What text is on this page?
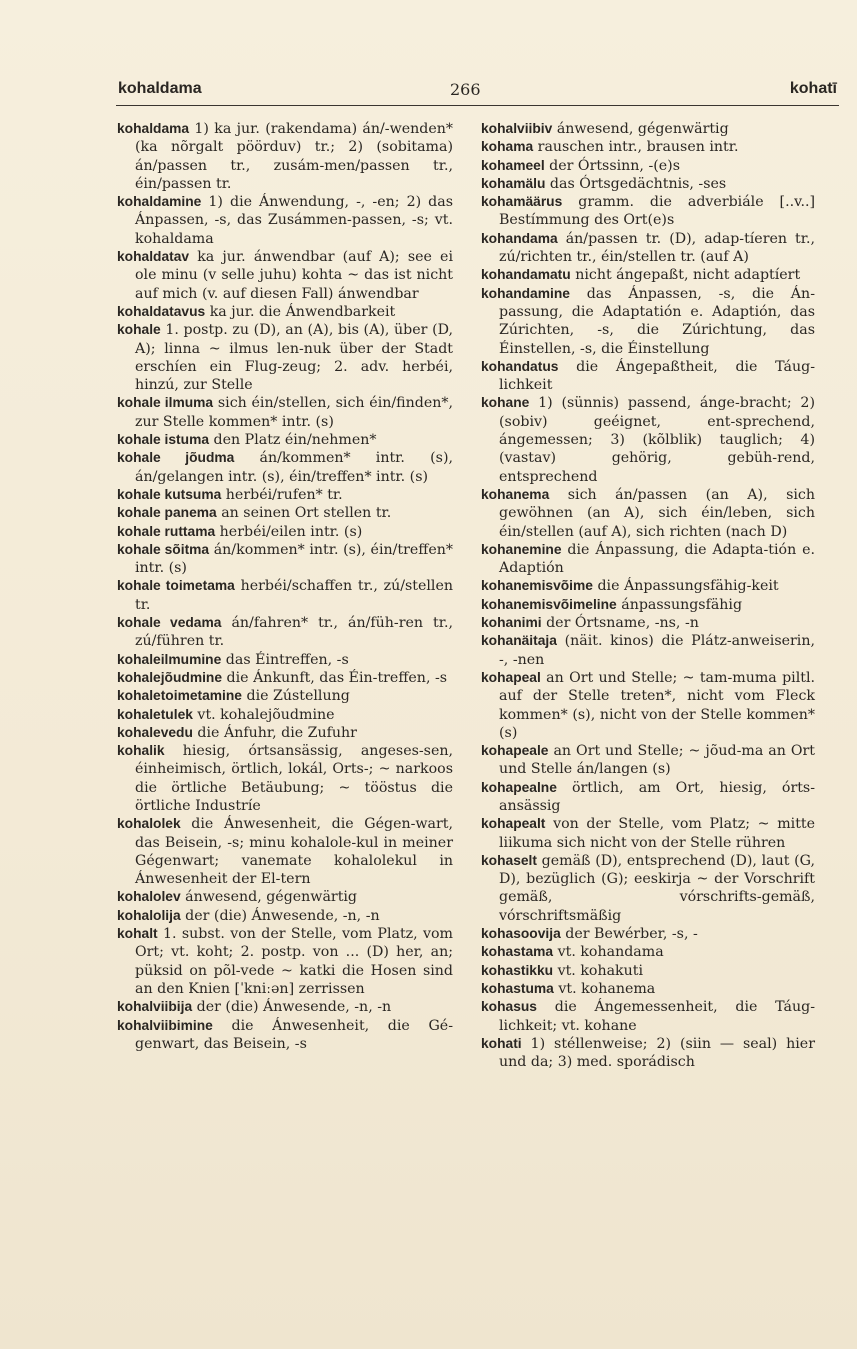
kohaldama	266	kohatī
kohaldama 1) ka jur. (rakendama) án/-wenden* (ka nõrgalt pöörduv) tr.; 2) (sobitama) án/passen tr., zusám-men/passen tr., éin/passen tr.
kohaldamine 1) die Ánwendung, -, -en; 2) das Ánpassen, -s, das Zusámmen-passen, -s; vt. kohaldama
kohaldatav ka jur. ánwendbar (auf A); see ei ole minu (v selle juhu) kohta ~ das ist nicht auf mich (v. auf diesen Fall) ánwendbar
kohaldatavus ka jur. die Ánwendbarkeit
kohale 1. postp. zu (D), an (A), bis (A), über (D, A); linna ~ ilmus len-nuk über der Stadt erschíen ein Flug-zeug; 2. adv. herbéi, hinzú, zur Stelle
kohale ilmuma sich éin/stellen, sich éin/finden*, zur Stelle kommen* intr. (s)
kohale istuma den Platz éin/nehmen*
kohale jõudma án/kommen* intr. (s), án/gelangen intr. (s), éin/treffen* intr. (s)
kohale kutsuma herbéi/rufen* tr.
kohale panema an seinen Ort stellen tr.
kohale ruttama herbéi/eilen intr. (s)
kohale sõitma án/kommen* intr. (s), éin/treffen* intr. (s)
kohale toimetama herbéi/schaffen tr., zú/stellen tr.
kohale vedama án/fahren* tr., án/füh-ren tr., zú/führen tr.
kohaleilmumine das Éintreffen, -s
kohalejõudmine die Ánkunft, das Éin-treffen, -s
kohaletoimetamine die Zústellung
kohaletulek vt. kohalejõudmine
kohalevedu die Ánfuhr, die Zufuhr
kohalik hiesig, órtsansässig, angeses-sen, éinheimisch, örtlich, lokál, Orts-; ~ narkoos die örtliche Betäubung; ~ tööstus die örtliche Industríe
kohalolek die Ánwesenheit, die Gégen-wart, das Beisein, -s; minu kohalole-kul in meiner Gégenwart; vanemate kohalolekul in Ánwesenheit der El-tern
kohalolev ánwesend, gégenwärtig
kohalolija der (die) Ánwesende, -n, -n
kohalt 1. subst. von der Stelle, vom Platz, vom Ort; vt. koht; 2. postp. von ... (D) her, an; püksid on põl-vede ~ katki die Hosen sind an den Knien [ˈkniːən] zerrissen
kohalviibija der (die) Ánwesende, -n, -n
kohalviibimine die Ánwesenheit, die Gé-genwart, das Beisein, -s
kohalviibiv ánwesend, gégenwärtig
kohama rauschen intr., brausen intr.
kohameel der Órtssinn, -(e)s
kohamälu das Órtsgedächtnis, -ses
kohamäärus gramm. die adverbiále [..v..] Bestímmung des Ort(e)s
kohandama án/passen tr. (D), adap-tíeren tr., zú/richten tr., éin/stellen tr. (auf A)
kohandamatu nicht ángepaßt, nicht adaptíert
kohandamine das Ánpassen, -s, die Án-passung, die Adaptatión e. Adaptión, das Zúrichten, -s, die Zúrichtung, das Éinstellen, -s, die Éinstellung
kohandatus die Ángepaßtheit, die Táug-lichkeit
kohane 1) (sünnis) passend, ánge-bracht; 2) (sobiv) geéignet, ent-sprechend, ángemessen; 3) (kõlblik) tauglich; 4) (vastav) gehörig, gebüh-rend, entsprechend
kohanema sich án/passen (an A), sich gewöhnen (an A), sich éin/leben, sich éin/stellen (auf A), sich richten (nach D)
kohanemine die Ánpassung, die Adapta-tión e. Adaptión
kohanemisvõime die Ánpassungsfähig-keit
kohanemisvõimeline ánpassungsfähig
kohanimi der Órtsname, -ns, -n
kohanäitaja (näit. kinos) die Plátz-anweiserin, -, -nen
kohapeal an Ort und Stelle; ~ tam-muma piltl. auf der Stelle treten*, nicht vom Fleck kommen* (s), nicht von der Stelle kommen* (s)
kohapeale an Ort und Stelle; ~ jõud-ma an Ort und Stelle án/langen (s)
kohapealne örtlich, am Ort, hiesig, órts-ansässig
kohapealt von der Stelle, vom Platz; ~ mitte liikuma sich nicht von der Stelle rühren
kohaselt gemäß (D), entsprechend (D), laut (G, D), bezüglich (G); eeskirja ~ der Vorschrift gemäß, vórschrifts-gemäß, vórschriftsmäßig
kohasoovija der Bewérber, -s, -
kohastama vt. kohandama
kohastikku vt. kohakuti
kohastuma vt. kohanema
kohasus die Ángemessenheit, die Táug-lichkeit; vt. kohane
kohati 1) stéllenweise; 2) (siin — seal) hier und da; 3) med. sporádisch
